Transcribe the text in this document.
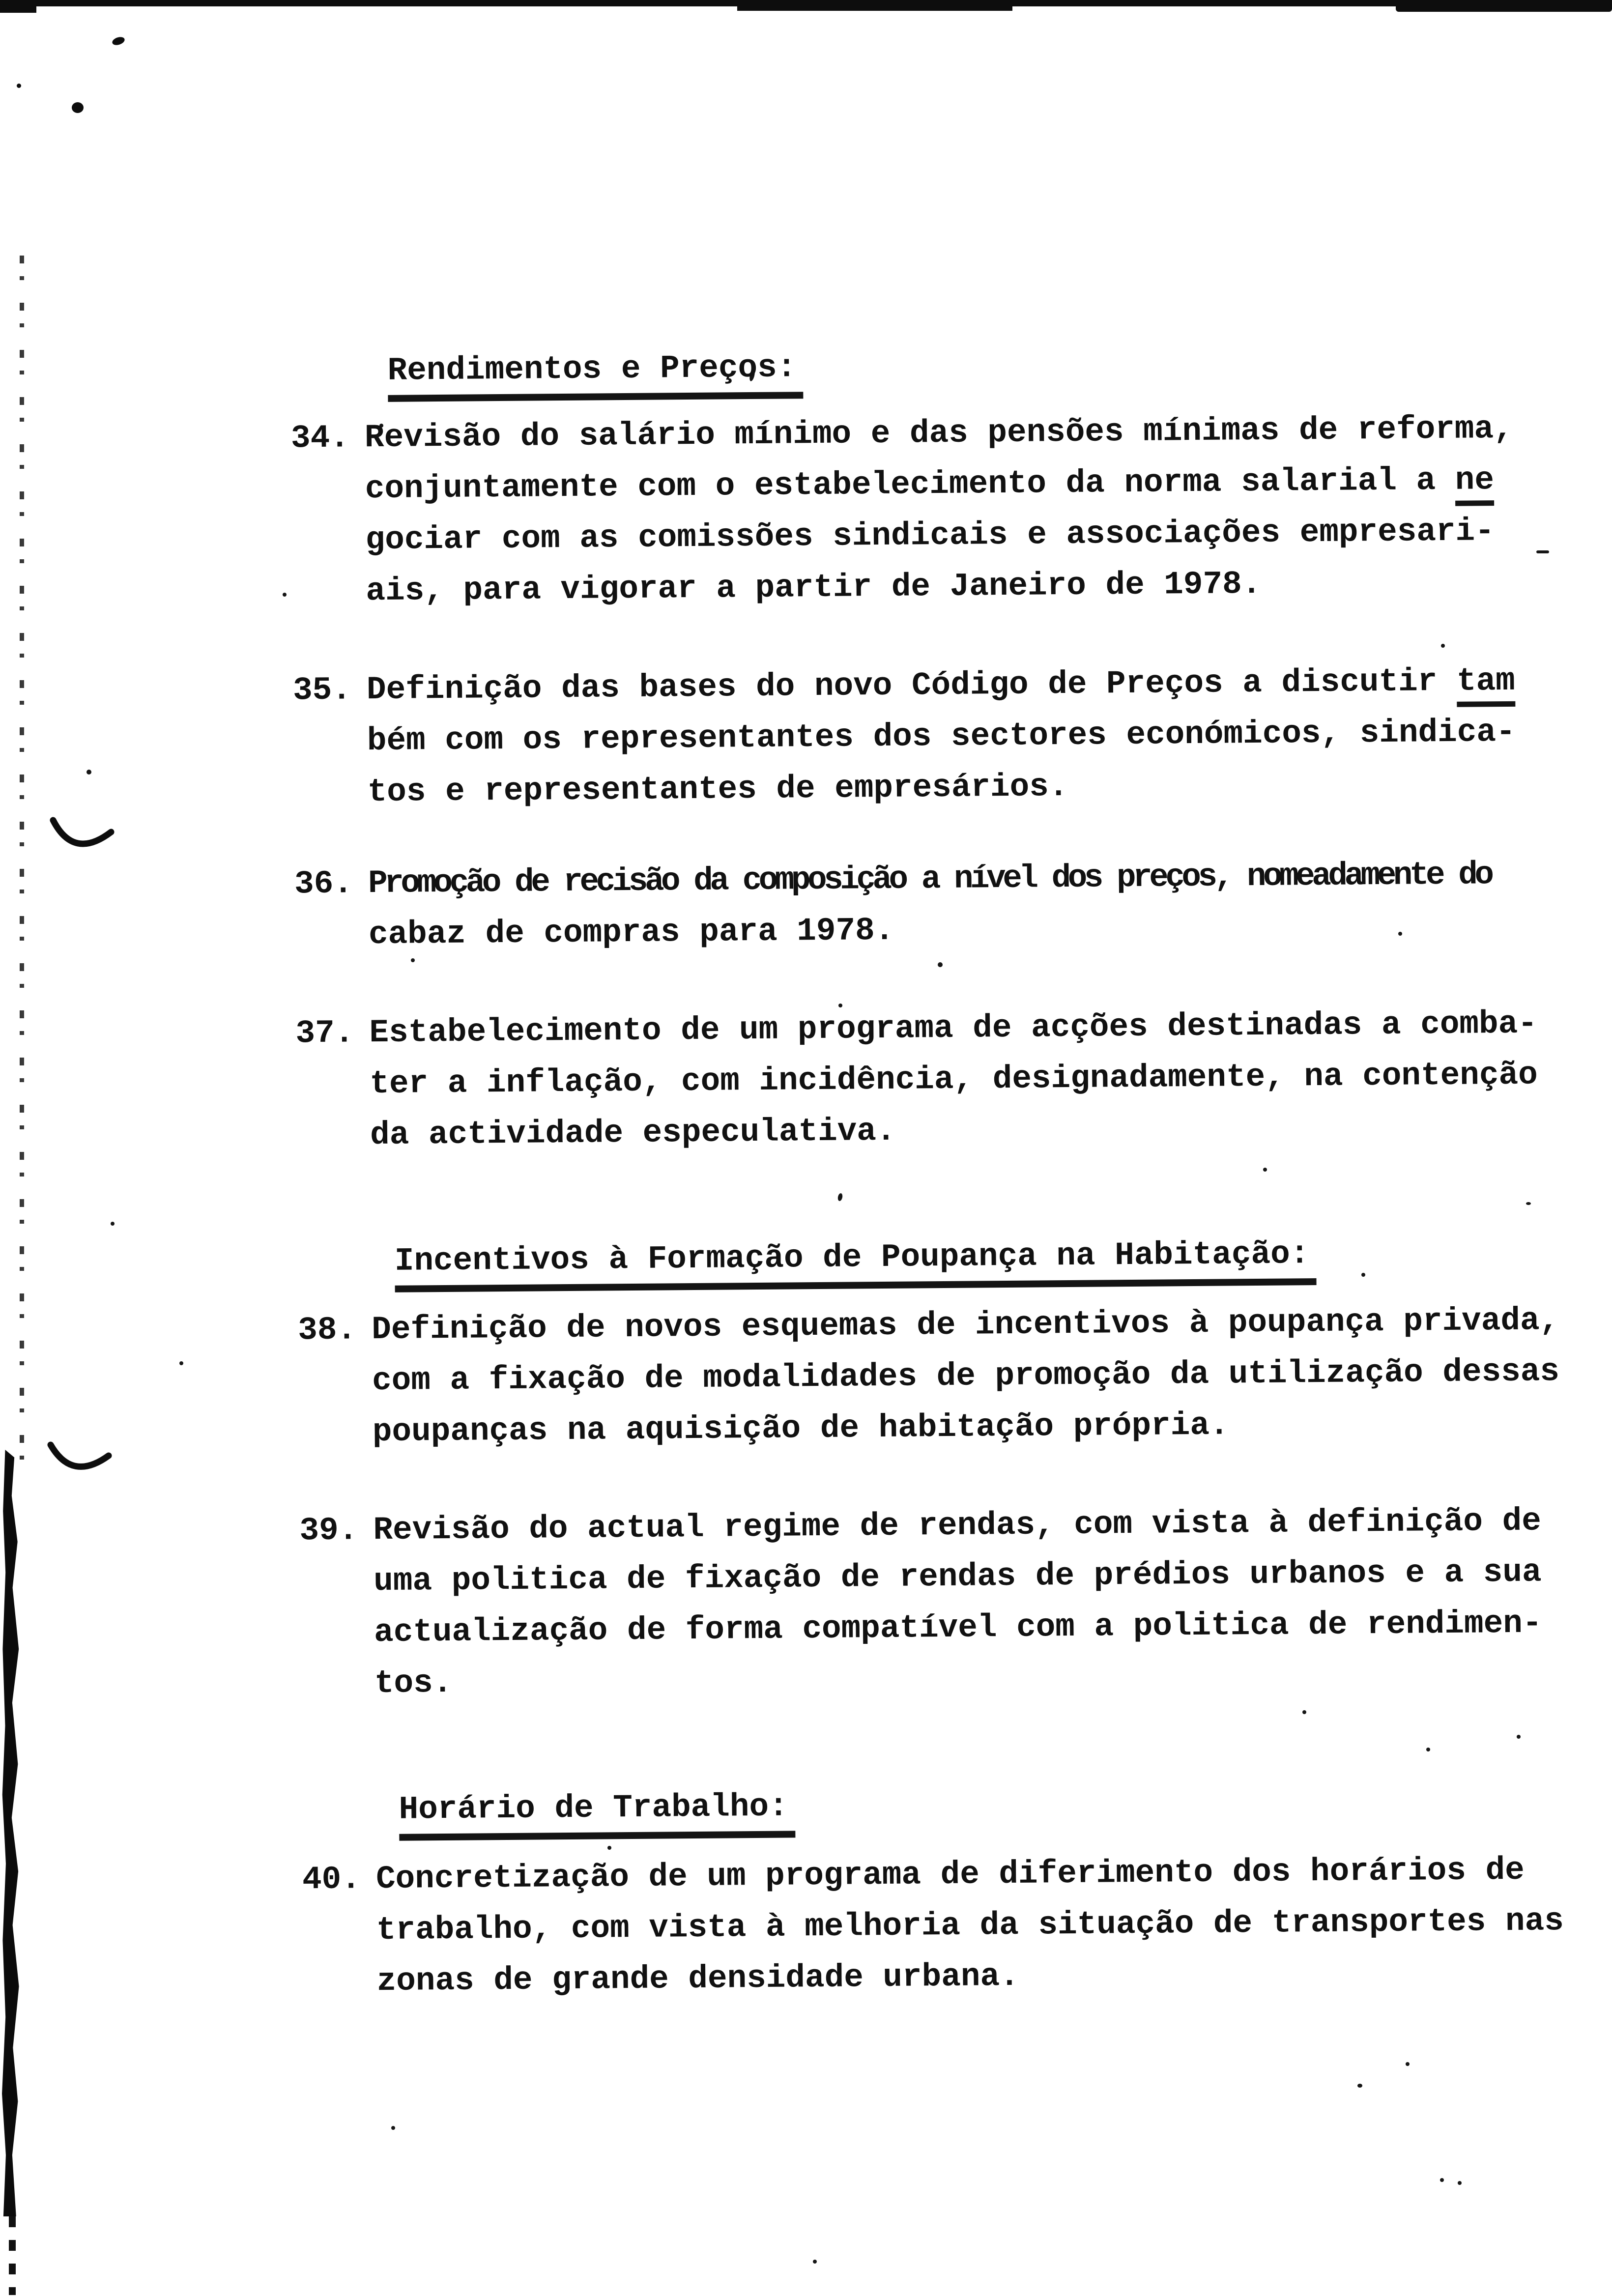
Rendimentos e Preços:

34. Revisão do salário mínimo e das pensões mínimas de reforma,
conjuntamente com o estabelecimento da norma salarial a ne
gociar com as comissões sindicais e associações empresari-
ais, para vigorar a partir de Janeiro de 1978.
35. Definição das bases do novo Código de Preços a discutir tam
bém com os representantes dos sectores económicos, sindica-
tos e representantes de empresários.
36. Promoção de recisão da composição a nível dos preços, nomeadamente do
cabaz de compras para 1978.
37. Estabelecimento de um programa de acções destinadas a comba-
ter a inflação, com incidência, designadamente, na contenção
da actividade especulativa.

Incentivos à Formação de Poupança na Habitação:

38. Definição de novos esquemas de incentivos à poupança privada,
com a fixação de modalidades de promoção da utilização dessas
poupanças na aquisição de habitação própria.
39. Revisão do actual regime de rendas, com vista à definição de
uma politica de fixação de rendas de prédios urbanos e a sua
actualização de forma compatível com a politica de rendimen-
tos.

Horário de Trabalho:

40. Concretização de um programa de diferimento dos horários de
trabalho, com vista à melhoria da situação de transportes nas
zonas de grande densidade urbana.
